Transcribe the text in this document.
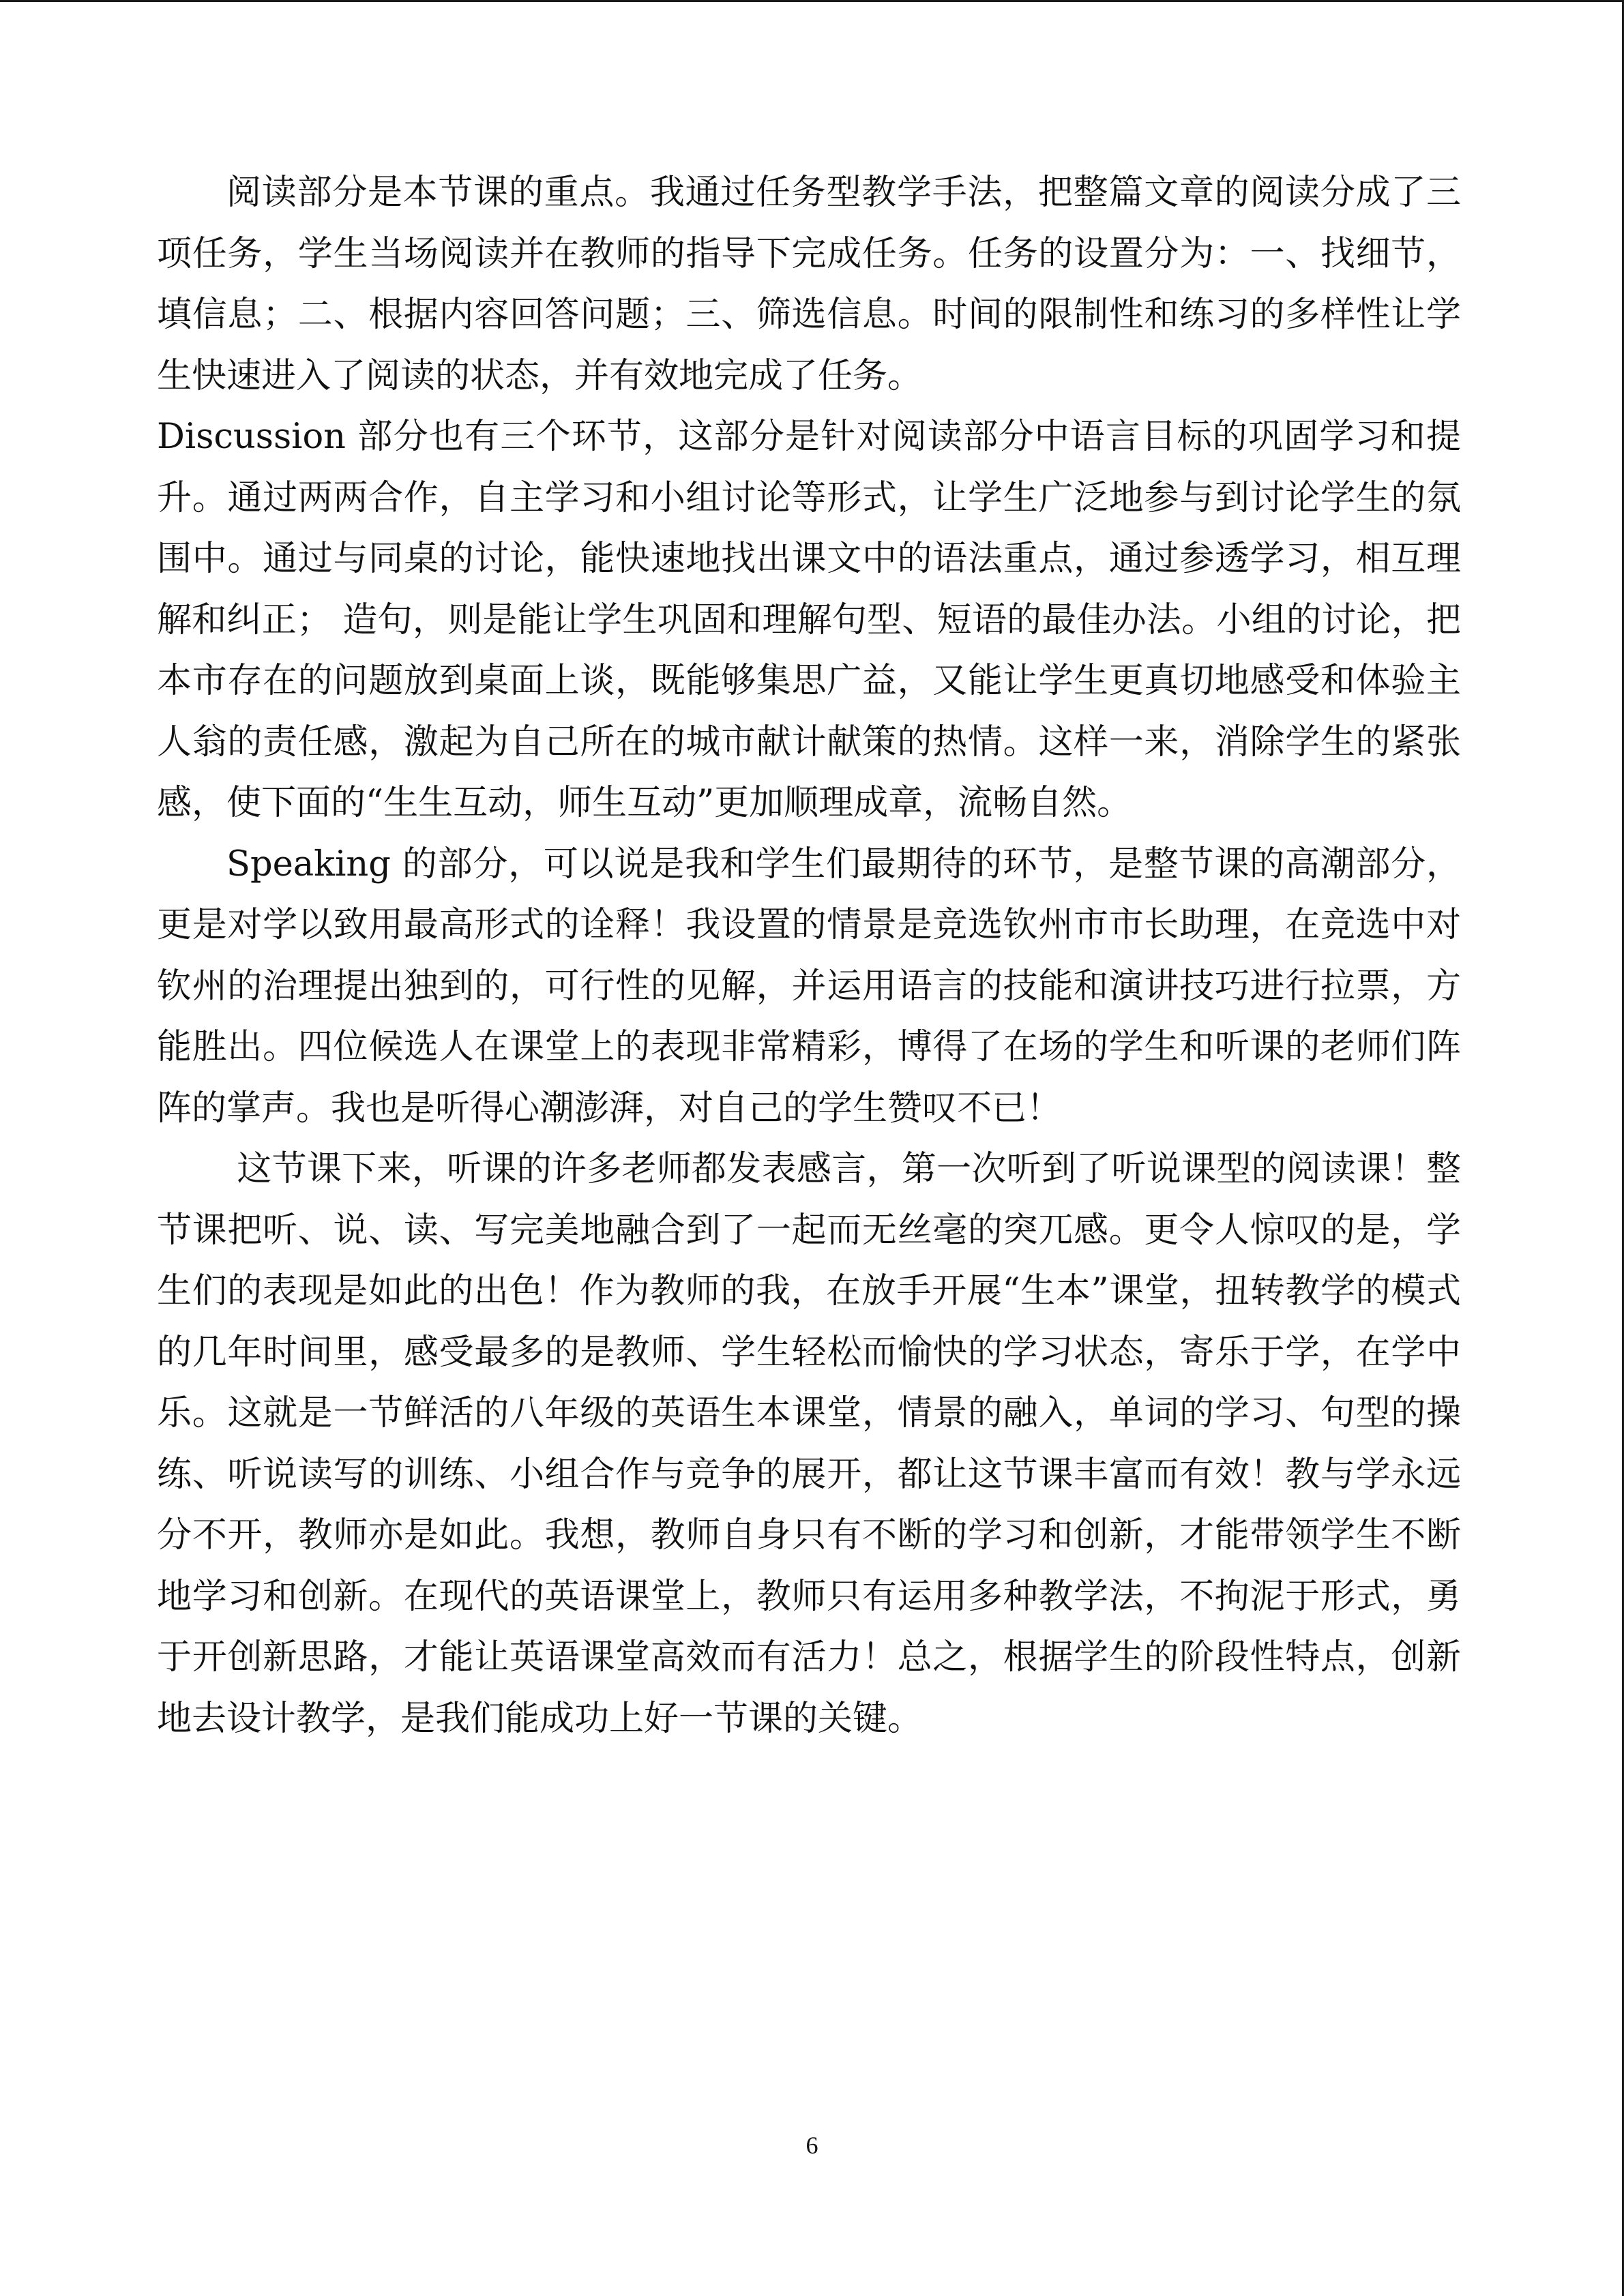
阅读部分是本节课的重点。我通过任务型教学手法，把整篇文章的阅读分成了三项任务，学生当场阅读并在教师的指导下完成任务。任务的设置分为：一、找细节，填信息；二、根据内容回答问题；三、筛选信息。时间的限制性和练习的多样性让学生快速进入了阅读的状态，并有效地完成了任务。

Discussion 部分也有三个环节，这部分是针对阅读部分中语言目标的巩固学习和提升。通过两两合作，自主学习和小组讨论等形式，让学生广泛地参与到讨论学生的氛围中。通过与同桌的讨论，能快速地找出课文中的语法重点，通过参透学习，相互理解和纠正； 造句，则是能让学生巩固和理解句型、短语的最佳办法。小组的讨论，把本市存在的问题放到桌面上谈，既能够集思广益，又能让学生更真切地感受和体验主人翁的责任感，激起为自己所在的城市献计献策的热情。这样一来，消除学生的紧张感，使下面的“生生互动，师生互动”更加顺理成章，流畅自然。

Speaking 的部分，可以说是我和学生们最期待的环节，是整节课的高潮部分，更是对学以致用最高形式的诠释！我设置的情景是竞选钦州市市长助理，在竞选中对钦州的治理提出独到的，可行性的见解，并运用语言的技能和演讲技巧进行拉票，方能胜出。四位候选人在课堂上的表现非常精彩，博得了在场的学生和听课的老师们阵阵的掌声。我也是听得心潮澎湃，对自己的学生赞叹不已！

这节课下来，听课的许多老师都发表感言，第一次听到了听说课型的阅读课！整节课把听、说、读、写完美地融合到了一起而无丝毫的突兀感。更令人惊叹的是，学生们的表现是如此的出色！作为教师的我，在放手开展“生本”课堂，扭转教学的模式的几年时间里，感受最多的是教师、学生轻松而愉快的学习状态，寄乐于学，在学中乐。这就是一节鲜活的八年级的英语生本课堂，情景的融入，单词的学习、句型的操练、听说读写的训练、小组合作与竞争的展开，都让这节课丰富而有效！教与学永远分不开，教师亦是如此。我想，教师自身只有不断的学习和创新，才能带领学生不断地学习和创新。在现代的英语课堂上，教师只有运用多种教学法，不拘泥于形式，勇于开创新思路，才能让英语课堂高效而有活力！总之，根据学生的阶段性特点，创新地去设计教学，是我们能成功上好一节课的关键。

6
